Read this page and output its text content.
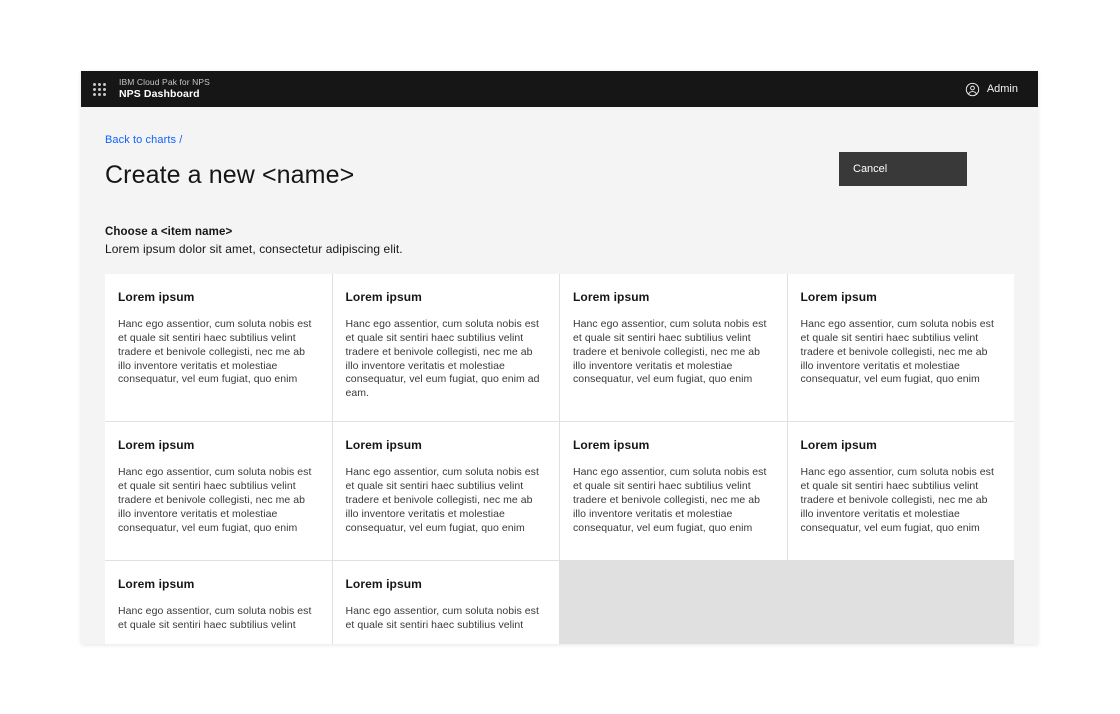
IBM Cloud Pak for NPS
NPS Dashboard	Admin
Back to charts /
Create a new <name>	Cancel
Choose a <item name>
Lorem ipsum dolor sit amet, consectetur adipiscing elit.
Lorem ipsum
Hanc ego assentior, cum soluta nobis est et quale sit sentiri haec subtilius velint tradere et benivole collegisti, nec me ab illo inventore veritatis et molestiae consequatur, vel eum fugiat, quo enim
Lorem ipsum
Hanc ego assentior, cum soluta nobis est et quale sit sentiri haec subtilius velint tradere et benivole collegisti, nec me ab illo inventore veritatis et molestiae consequatur, vel eum fugiat, quo enim ad eam.
Lorem ipsum
Hanc ego assentior, cum soluta nobis est et quale sit sentiri haec subtilius velint tradere et benivole collegisti, nec me ab illo inventore veritatis et molestiae consequatur, vel eum fugiat, quo enim
Lorem ipsum
Hanc ego assentior, cum soluta nobis est et quale sit sentiri haec subtilius velint tradere et benivole collegisti, nec me ab illo inventore veritatis et molestiae consequatur, vel eum fugiat, quo enim
Lorem ipsum
Hanc ego assentior, cum soluta nobis est et quale sit sentiri haec subtilius velint tradere et benivole collegisti, nec me ab illo inventore veritatis et molestiae consequatur, vel eum fugiat, quo enim
Lorem ipsum
Hanc ego assentior, cum soluta nobis est et quale sit sentiri haec subtilius velint tradere et benivole collegisti, nec me ab illo inventore veritatis et molestiae consequatur, vel eum fugiat, quo enim
Lorem ipsum
Hanc ego assentior, cum soluta nobis est et quale sit sentiri haec subtilius velint tradere et benivole collegisti, nec me ab illo inventore veritatis et molestiae consequatur, vel eum fugiat, quo enim
Lorem ipsum
Hanc ego assentior, cum soluta nobis est et quale sit sentiri haec subtilius velint tradere et benivole collegisti, nec me ab illo inventore veritatis et molestiae consequatur, vel eum fugiat, quo enim
Lorem ipsum
Hanc ego assentior, cum soluta nobis est et quale sit sentiri haec subtilius velint
Lorem ipsum
Hanc ego assentior, cum soluta nobis est et quale sit sentiri haec subtilius velint
